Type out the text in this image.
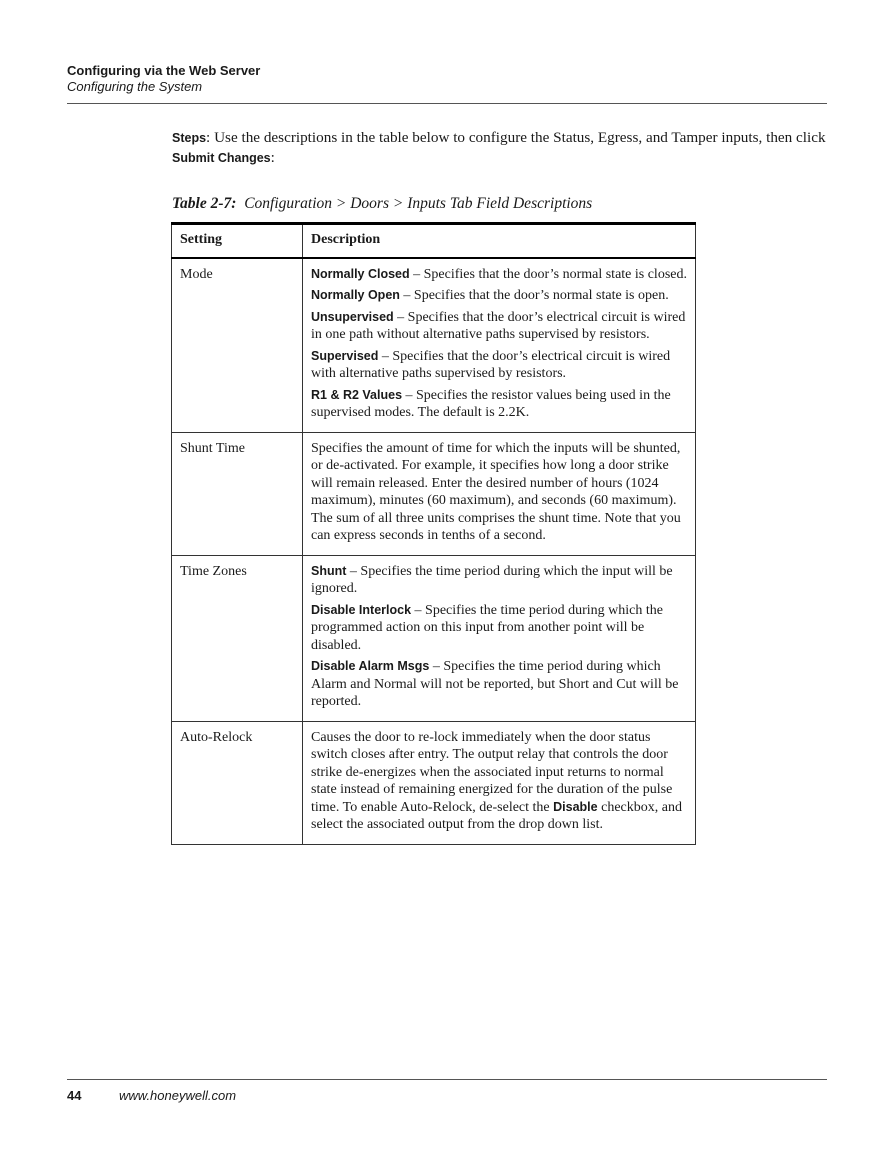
Configuring via the Web Server
Configuring the System

Steps: Use the descriptions in the table below to configure the Status, Egress, and Tamper inputs, then click Submit Changes:

Table 2-7: Configuration > Doors > Inputs Tab Field Descriptions
Setting	Description
Mode	Normally Closed – Specifies that the door’s normal state is closed.
Normally Open – Specifies that the door’s normal state is open.
Unsupervised – Specifies that the door’s electrical circuit is wired in one path without alternative paths supervised by resistors.
Supervised – Specifies that the door’s electrical circuit is wired with alternative paths supervised by resistors.
R1 & R2 Values – Specifies the resistor values being used in the supervised modes. The default is 2.2K.

Shunt Time	Specifies the amount of time for which the inputs will be shunted, or de-activated. For example, it specifies how long a door strike will remain released. Enter the desired number of hours (1024 maximum), minutes (60 maximum), and seconds (60 maximum). The sum of all three units comprises the shunt time. Note that you can express seconds in tenths of a second.

Time Zones	Shunt – Specifies the time period during which the input will be ignored.
Disable Interlock – Specifies the time period during which the programmed action on this input from another point will be disabled.
Disable Alarm Msgs – Specifies the time period during which Alarm and Normal will not be reported, but Short and Cut will be reported.

Auto-Relock	Causes the door to re-lock immediately when the door status switch closes after entry. The output relay that controls the door strike de-energizes when the associated input returns to normal state instead of remaining energized for the duration of the pulse time. To enable Auto-Relock, de-select the Disable checkbox, and select the associated output from the drop down list.
44	www.honeywell.com
